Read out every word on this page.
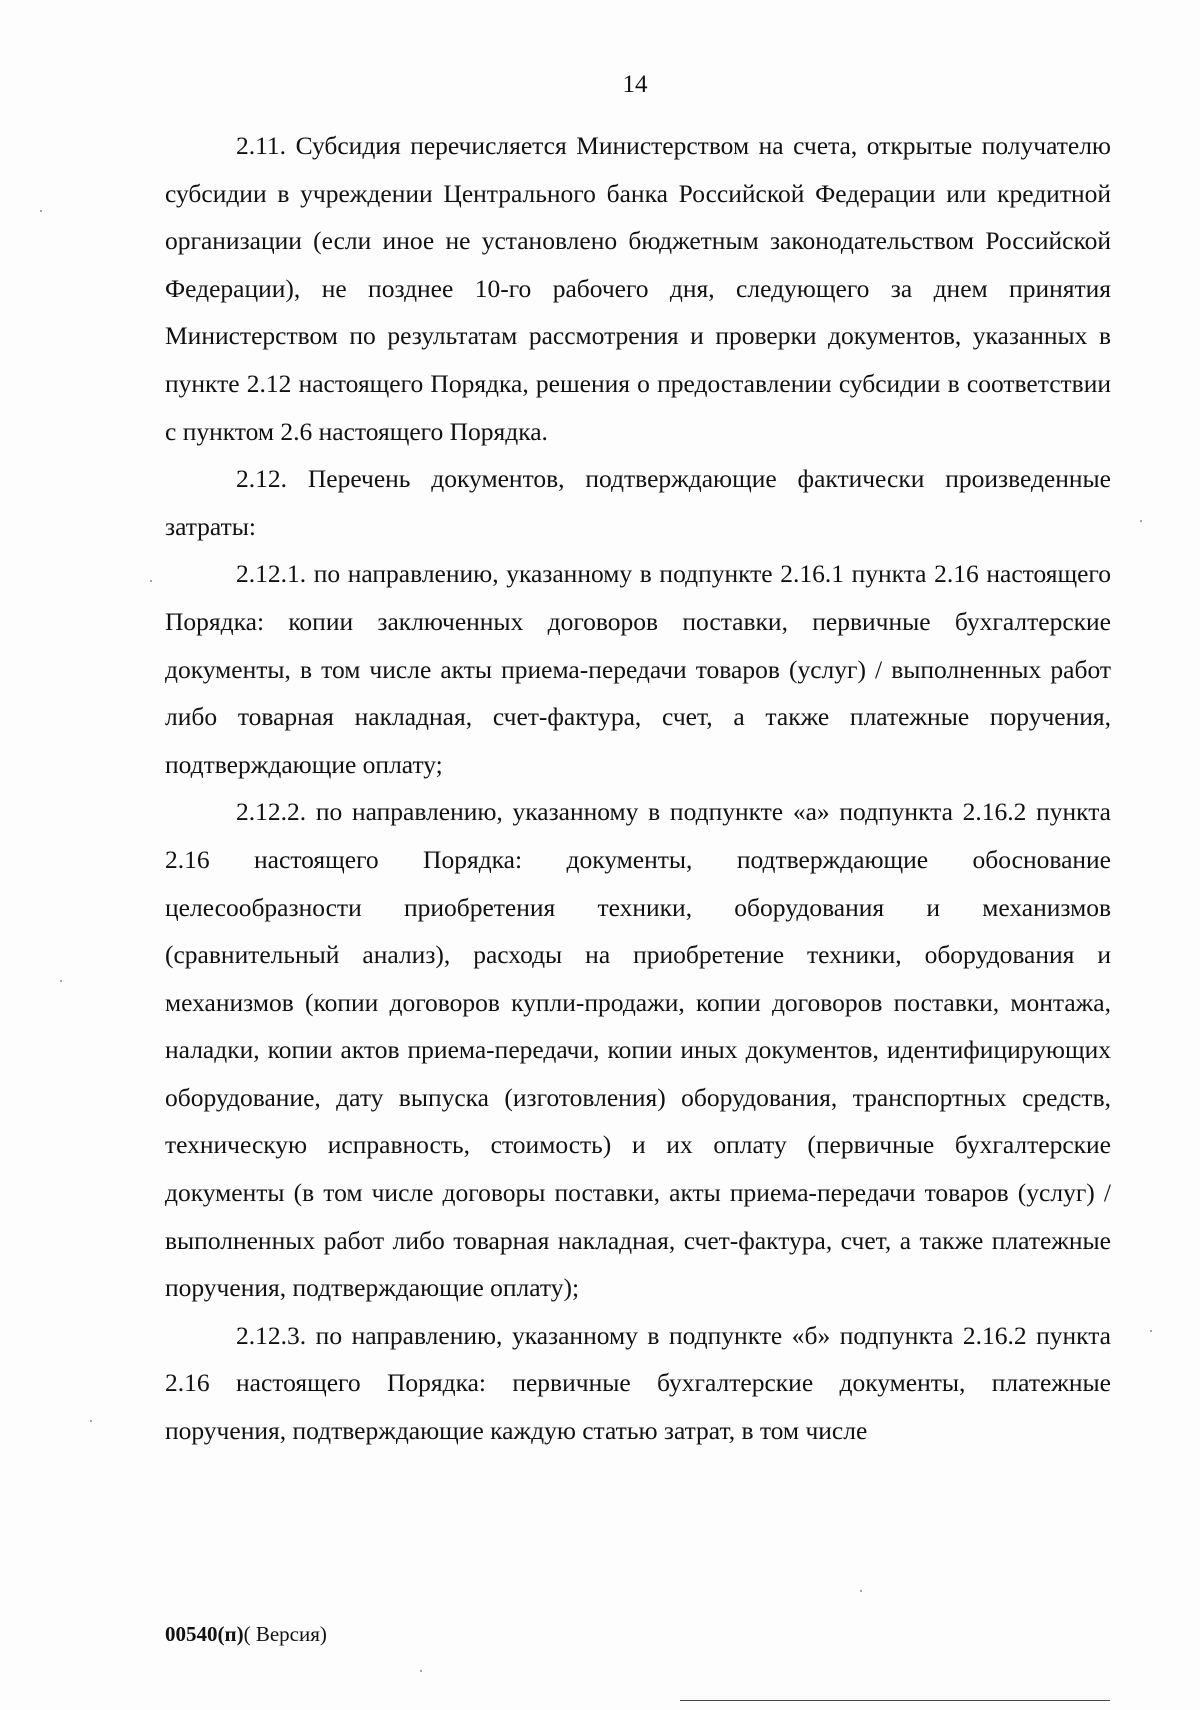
14

2.11. Субсидия перечисляется Министерством на счета, открытые получателю субсидии в учреждении Центрального банка Российской Федерации или кредитной организации (если иное не установлено бюджетным законодательством Российской Федерации), не позднее 10-го рабочего дня, следующего за днем принятия Министерством по результатам рассмотрения и проверки документов, указанных в пункте 2.12 настоящего Порядка, решения о предоставлении субсидии в соответствии с пунктом 2.6 настоящего Порядка.

2.12. Перечень документов, подтверждающие фактически произведенные затраты:

2.12.1. по направлению, указанному в подпункте 2.16.1 пункта 2.16 настоящего Порядка: копии заключенных договоров поставки, первичные бухгалтерские документы, в том числе акты приема-передачи товаров (услуг) / выполненных работ либо товарная накладная, счет-фактура, счет, а также платежные поручения, подтверждающие оплату;

2.12.2. по направлению, указанному в подпункте «а» подпункта 2.16.2 пункта 2.16 настоящего Порядка: документы, подтверждающие обоснование целесообразности приобретения техники, оборудования и механизмов (сравнительный анализ), расходы на приобретение техники, оборудования и механизмов (копии договоров купли-продажи, копии договоров поставки, монтажа, наладки, копии актов приема-передачи, копии иных документов, идентифицирующих оборудование, дату выпуска (изготовления) оборудования, транспортных средств, техническую исправность, стоимость) и их оплату (первичные бухгалтерские документы (в том числе договоры поставки, акты приема-передачи товаров (услуг) / выполненных работ либо товарная накладная, счет-фактура, счет, а также платежные поручения, подтверждающие оплату);

2.12.3. по направлению, указанному в подпункте «б» подпункта 2.16.2 пункта 2.16 настоящего Порядка: первичные бухгалтерские документы, платежные поручения, подтверждающие каждую статью затрат, в том числе

00540(п)( Версия)
